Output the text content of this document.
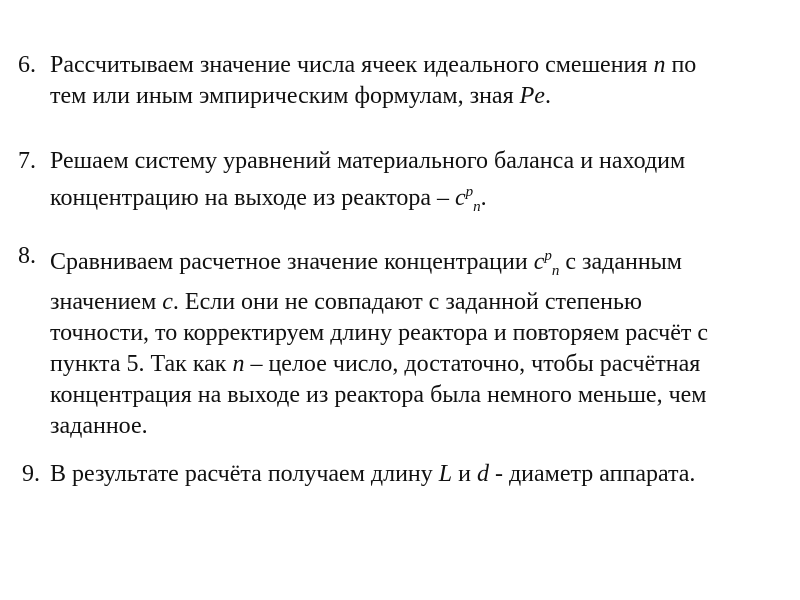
6. Рассчитываем значение числа ячеек идеального смешения n по
тем или иным эмпирическим формулам, зная Pe.
7. Решаем систему уравнений материального баланса и находим
концентрацию на выходе из реактора – $c^p_n$.
8. Сравниваем расчетное значение концентрации $c^p_n$ с заданным
значением c. Если они не совпадают с заданной степенью
точности, то корректируем длину реактора и повторяем расчёт с
пункта 5. Так как n – целое число, достаточно, чтобы расчётная
концентрация на выходе из реактора была немного меньше, чем
заданное.
9. В результате расчёта получаем длину L и d - диаметр аппарата.
